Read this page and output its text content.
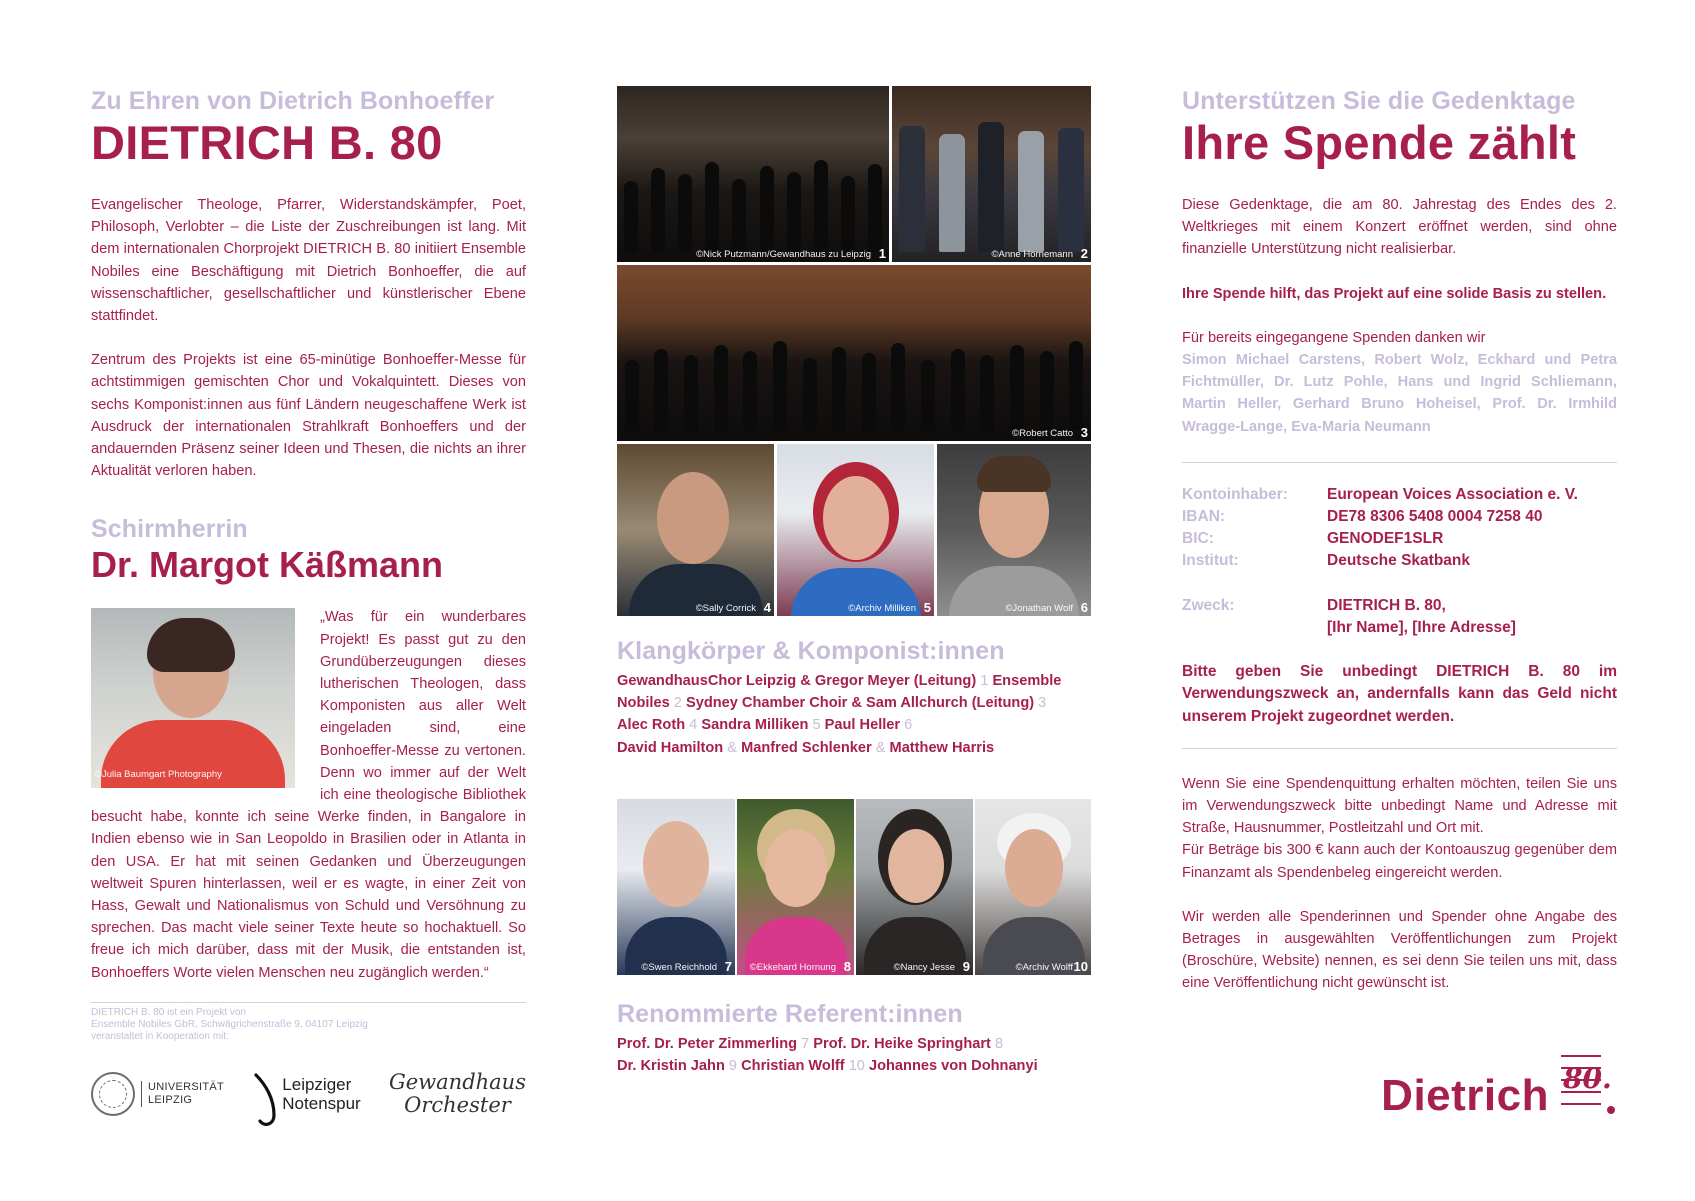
Zu Ehren von Dietrich Bonhoeffer
DIETRICH B. 80

Evangelischer Theologe, Pfarrer, Widerstandskämpfer, Poet, Philosoph, Verlobter – die Liste der Zuschreibungen ist lang. Mit dem internationalen Chorprojekt DIETRICH B. 80 initiiert Ensemble Nobiles eine Beschäftigung mit Dietrich Bonhoeffer, die auf wissenschaftlicher, gesellschaftlicher und künstlerischer Ebene stattfindet.

Zentrum des Projekts ist eine 65-minütige Bonhoeffer-Messe für achtstimmigen gemischten Chor und Vokalquintett. Dieses von sechs Komponist:innen aus fünf Ländern neugeschaffene Werk ist Ausdruck der internationalen Strahlkraft Bonhoeffers und der andauernden Präsenz seiner Ideen und Thesen, die nichts an ihrer Aktualität verloren haben.

Schirmherrin
Dr. Margot Käßmann
©Julia Baumgart Photography

„Was für ein wunderbares Projekt! Es passt gut zu den Grundüberzeugungen dieses lutherischen Theologen, dass Komponisten aus aller Welt eingeladen sind, eine Bonhoeffer-Messe zu vertonen. Denn wo immer auf der Welt ich eine theologische Bibliothek besucht habe, konnte ich seine Werke finden, in Bangalore in Indien ebenso wie in San Leopoldo in Brasilien oder in Atlanta in den USA. Er hat mit seinen Gedanken und Überzeugungen weltweit Spuren hinterlassen, weil er es wagte, in einer Zeit von Hass, Gewalt und Nationalismus von Schuld und Versöhnung zu sprechen. Das macht viele seiner Texte heute so hochaktuell. So freue ich mich darüber, dass mit der Musik, die entstanden ist, Bonhoeffers Worte vielen Menschen neu zugänglich werden.“

DIETRICH B. 80 ist ein Projekt von
Ensemble Nobiles GbR, Schwägrichenstraße 9, 04107 Leipzig
veranstaltet in Kooperation mit:
UNIVERSITÄT
LEIPZIG
Leipziger
Notenspur
Gewandhaus
Orchester
©Nick Putzmann/Gewandhaus zu Leipzig 1	©Anne Hornemann 2
©Robert Catto 3
©Sally Corrick 4	©Archiv Milliken 5	©Jonathan Wolf 6
Klangkörper & Komponist:innen
GewandhausChor Leipzig & Gregor Meyer (Leitung) 1 Ensemble Nobiles 2 Sydney Chamber Choir & Sam Allchurch (Leitung) 3
Alec Roth 4 Sandra Milliken 5 Paul Heller 6
David Hamilton & Manfred Schlenker & Matthew Harris
©Swen Reichhold 7 ©Ekkehard Hornung 8	©Nancy Jesse 9	©Archiv Wolff 10
Renommierte Referent:innen
Prof. Dr. Peter Zimmerling 7 Prof. Dr. Heike Springhart 8
Dr. Kristin Jahn 9 Christian Wolff 10 Johannes von Dohnanyi
Unterstützen Sie die Gedenktage
Ihre Spende zählt

Diese Gedenktage, die am 80. Jahrestag des Endes des 2. Weltkrieges mit einem Konzert eröffnet werden, sind ohne finanzielle Unterstützung nicht realisierbar.

Ihre Spende hilft, das Projekt auf eine solide Basis zu stellen.

Für bereits eingegangene Spenden danken wir
Simon Michael Carstens, Robert Wolz, Eckhard und Petra Fichtmüller, Dr. Lutz Pohle, Hans und Ingrid Schliemann, Martin Heller, Gerhard Bruno Hoheisel, Prof. Dr. Irmhild Wragge-Lange, Eva-Maria Neumann

Kontoinhaber:	European Voices Association e. V.
IBAN:	DE78 8306 5408 0004 7258 40
BIC:	GENODEF1SLR
Institut:	Deutsche Skatbank
Zweck:	DIETRICH B. 80,
[Ihr Name], [Ihre Adresse]
Bitte geben Sie unbedingt DIETRICH B. 80 im Verwendungszweck an, andernfalls kann das Geld nicht unserem Projekt zugeordnet werden.

Wenn Sie eine Spendenquittung erhalten möchten, teilen Sie uns im Verwendungszweck bitte unbedingt Name und Adresse mit Straße, Hausnummer, Postleitzahl und Ort mit.
Für Beträge bis 300 € kann auch der Kontoauszug gegenüber dem Finanzamt als Spendenbeleg eingereicht werden.

Wir werden alle Spenderinnen und Spender ohne Angabe des Betrages in ausgewählten Veröffentlichungen zum Projekt (Broschüre, Website) nennen, es sei denn Sie teilen uns mit, dass eine Veröffentlichung nicht gewünscht ist.

Dietrich 80.
